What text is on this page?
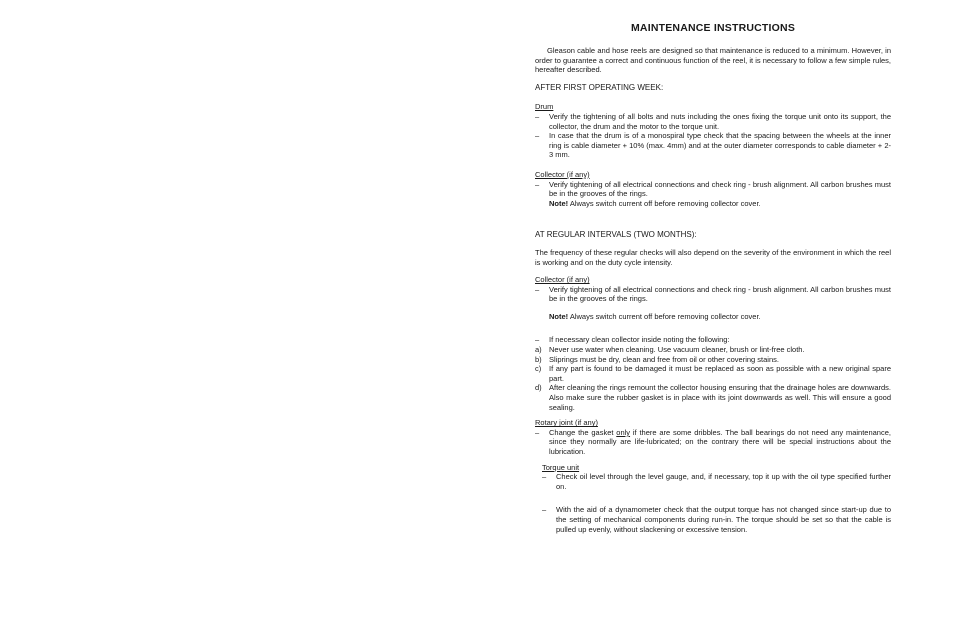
MAINTENANCE INSTRUCTIONS

Gleason cable and hose reels are designed so that maintenance is reduced to a minimum. However, in order to guarantee a correct and continuous function of the reel, it is necessary to follow a few simple rules, hereafter described.

AFTER FIRST OPERATING WEEK:

Drum

–	Verify the tightening of all bolts and nuts including the ones fixing the torque unit onto its support, the collector, the drum and the motor to the torque unit.
–	In case that the drum is of a monospiral type check that the spacing between the wheels at the inner ring is cable diameter + 10% (max. 4mm) and at the outer diameter corresponds to cable diameter + 2-3 mm.

Collector (if any)

–	Verify tightening of all electrical connections and check ring - brush alignment. All carbon brushes must be in the grooves of the rings.

Note! Always switch current off before removing collector cover.

AT REGULAR INTERVALS (TWO MONTHS):

The frequency of these regular checks will also depend on the severity of the environment in which the reel is working and on the duty cycle intensity.

Collector (if any)

–	Verify tightening of all electrical connections and check ring - brush alignment. All carbon brushes must be in the grooves of the rings.

Note! Always switch current off before removing collector cover.

–	If necessary clean collector inside noting the following:
a) Never use water when cleaning. Use vacuum cleaner, brush or lint-free cloth.
b) Sliprings must be dry, clean and free from oil or other covering stains.
c)	If any part is found to be damaged it must be replaced as soon as possible with a new original spare part.
d) After cleaning the rings remount the collector housing ensuring that the drainage holes are downwards. Also make sure the rubber gasket is in place with its joint downwards as well. This will ensure a good sealing.

Rotary joint (if any)

–	Change the gasket only if there are some dribbles. The ball bearings do not need any maintenance, since they normally are life-lubricated; on the contrary there will be special instructions about the lubrication.

Torque unit

–	Check oil level through the level gauge, and, if necessary, top it up with the oil type specified further on.
–	With the aid of a dynamometer check that the output torque has not changed since start-up due to the setting of mechanical components during run-in. The torque should be set so that the cable is pulled up evenly, without slackening or excessive tension.
